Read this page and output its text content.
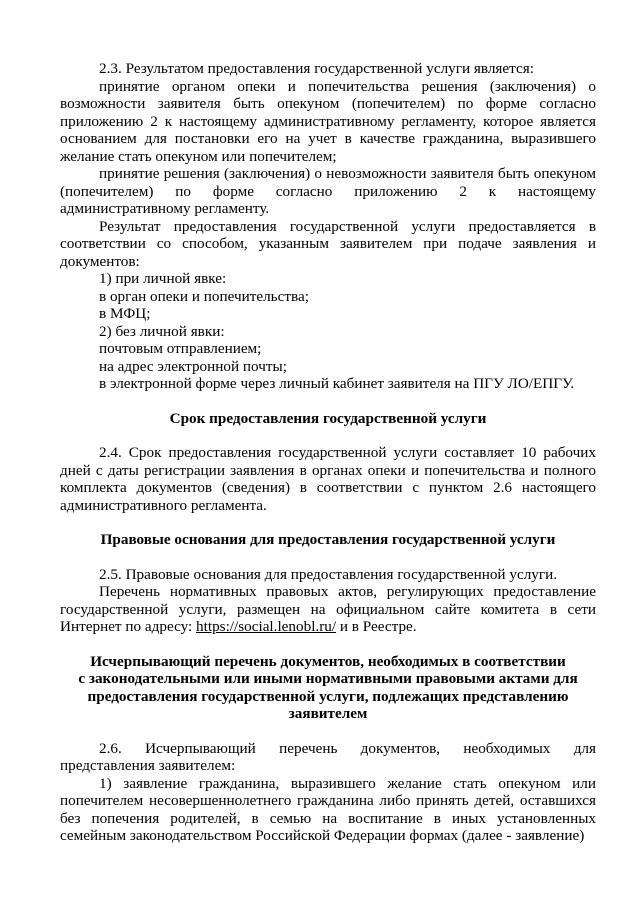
2.3. Результатом предоставления государственной услуги является:

принятие органом опеки и попечительства решения (заключения) о возможности заявителя быть опекуном (попечителем) по форме согласно приложению 2 к настоящему административному регламенту, которое является основанием для постановки его на учет в качестве гражданина, выразившего желание стать опекуном или попечителем;

принятие решения (заключения) о невозможности заявителя быть опекуном (попечителем) по форме согласно приложению 2 к настоящему административному регламенту.

Результат предоставления государственной услуги предоставляется в соответствии со способом, указанным заявителем при подаче заявления и документов:

1) при личной явке:

в орган опеки и попечительства;

в МФЦ;

2) без личной явки:

почтовым отправлением;

на адрес электронной почты;

в электронной форме через личный кабинет заявителя на ПГУ ЛО/ЕПГУ.

Срок предоставления государственной услуги

2.4. Срок предоставления государственной услуги составляет 10 рабочих дней с даты регистрации заявления в органах опеки и попечительства и полного комплекта документов (сведения) в соответствии с пунктом 2.6 настоящего административного регламента.

Правовые основания для предоставления государственной услуги

2.5. Правовые основания для предоставления государственной услуги.

Перечень нормативных правовых актов, регулирующих предоставление государственной услуги, размещен на официальном сайте комитета в сети Интернет по адресу: https://social.lenobl.ru/ и в Реестре.

Исчерпывающий перечень документов, необходимых в соответствии

с законодательными или иными нормативными правовыми актами для

предоставления государственной услуги, подлежащих представлению

заявителем

2.6. Исчерпывающий перечень документов, необходимых для представления заявителем:

1) заявление гражданина, выразившего желание стать опекуном или попечителем несовершеннолетнего гражданина либо принять детей, оставшихся без попечения родителей, в семью на воспитание в иных установленных семейным законодательством Российской Федерации формах (далее - заявление)
